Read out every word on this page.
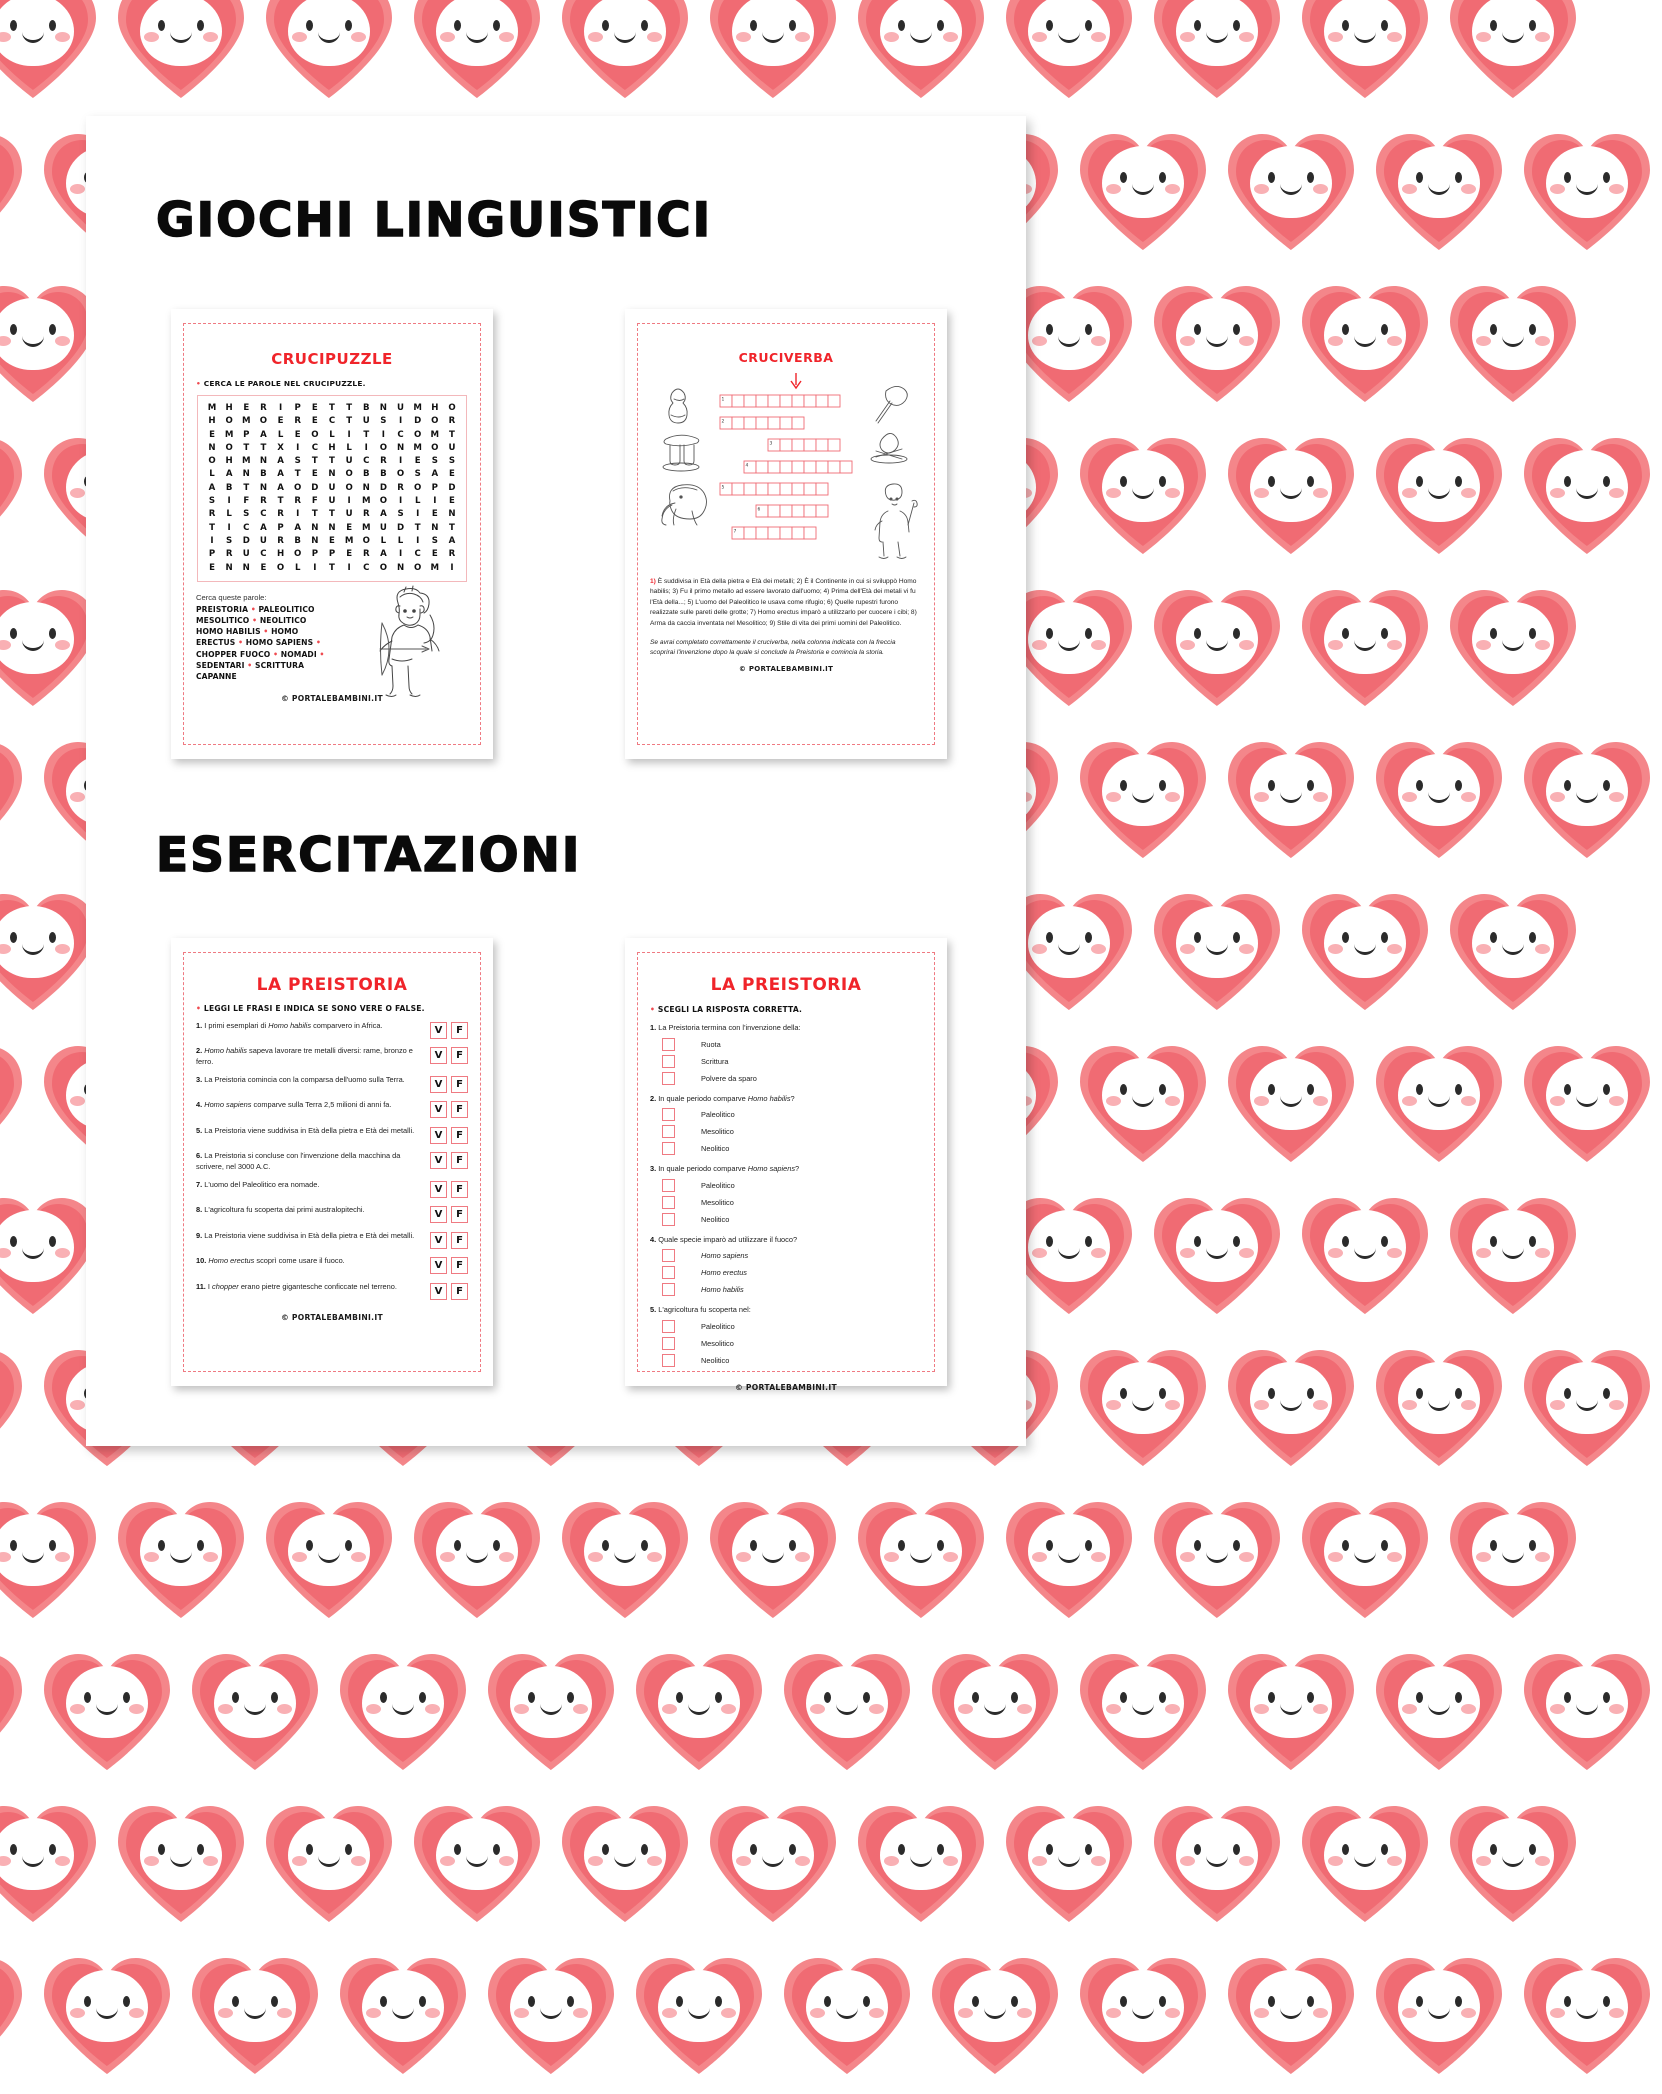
GIOCHI LINGUISTICI
CRUCIPUZZLE
• CERCA LE PAROLE NEL CRUCIPUZZLE.
M	H	E	R	I	P	E	T	T	B	N	U	M	H	O
H	O	M	O	E	R	E	C	T	U	S	I	D	O	R
E	M	P	A	L	E	O	L	I	T	I	C	O	M	T
N	O	T	T	X	I	C	H	L	I	O	N	M	O	U
O	H	M	N	A	S	T	T	U	C	R	I	E	S	S
L	A	N	B	A	T	E	N	O	B	B	O	S	A	E
A	B	T	N	A	O	D	U	O	N	D	R	O	P	D
S	I	F	R	T	R	F	U	I	M	O	I	L	I	E
R	L	S	C	R	I	T	T	U	R	A	S	I	E	N
T	I	C	A	P	A	N	N	E	M	U	D	T	N	T
I	S	D	U	R	B	N	E	M	O	L	L	I	S	A
P	R	U	C	H	O	P	P	E	R	A	I	C	E	R
E	N	N	E	O	L	I	T	I	C	O	N	O	M	I
Cerca queste parole:
PREISTORIA • PALEOLITICO
MESOLITICO • NEOLITICO
HOMO HABILIS • HOMO
ERECTUS • HOMO SAPIENS •
CHOPPER FUOCO • NOMADI •
SEDENTARI • SCRITTURA
CAPANNE
© PORTALEBAMBINI.IT
CRUCIVERBA
1
2
3
4
5
6
7
1) È suddivisa in Età della pietra e Età dei metalli; 2) È il Continente in cui si sviluppò Homo habilis; 3) Fu il primo metallo ad essere lavorato dall'uomo; 4) Prima dell'Età dei metali vi fu l'Età della...; 5) L'uomo del Paleolitico le usava come rifugio; 6) Quelle rupestri furono realizzate sulle pareti delle grotte; 7) Homo erectus imparò a utilizzarlo per cuocere i cibi; 8) Arma da caccia inventata nel Mesolitico; 9) Stile di vita dei primi uomini del Paleolitico.
Se avrai completato correttamente il cruciverba, nella colonna indicata con la freccia scoprirai l'invenzione dopo la quale si conclude la Preistoria e comincia la storia.
© PORTALEBAMBINI.IT
ESERCITAZIONI
LA PREISTORIA
• LEGGI LE FRASI E INDICA SE SONO VERE O FALSE.
1. I primi esemplari di Homo habilis comparvero in Africa.	V	F
2. Homo habilis sapeva lavorare tre metalli diversi: rame, bronzo e ferro.
V	F
3. La Preistoria comincia con la comparsa dell'uomo sulla Terra.	V	F
4. Homo sapiens comparve sulla Terra 2,5 milioni di anni fa.	V	F
5. La Preistoria viene suddivisa in Età della pietra e Età dei metalli.	V	F
6. La Preistoria si concluse con l'invenzione della macchina da scrivere, nel 3000 A.C.
V	F
7. L'uomo del Paleolitico era nomade.	V	F
8. L'agricoltura fu scoperta dai primi australopitechi.	V	F
9. La Preistoria viene suddivisa in Età della pietra e Età dei metalli.	V	F
10. Homo erectus scoprì come usare il fuoco.	V	F
11. I chopper erano pietre gigantesche conficcate nel terreno.	V	F
© PORTALEBAMBINI.IT
LA PREISTORIA
• SCEGLI LA RISPOSTA CORRETTA.
1. La Preistoria termina con l'invenzione della:
Ruota
Scrittura
Polvere da sparo
2. In quale periodo comparve Homo habilis?
Paleolitico
Mesolitico
Neolitico
3. In quale periodo comparve Homo sapiens?
Paleolitico
Mesolitico
Neolitico
4. Quale specie imparò ad utilizzare il fuoco?
Homo sapiens
Homo erectus
Homo habilis
5. L'agricoltura fu scoperta nel:
Paleolitico
Mesolitico
Neolitico
© PORTALEBAMBINI.IT
